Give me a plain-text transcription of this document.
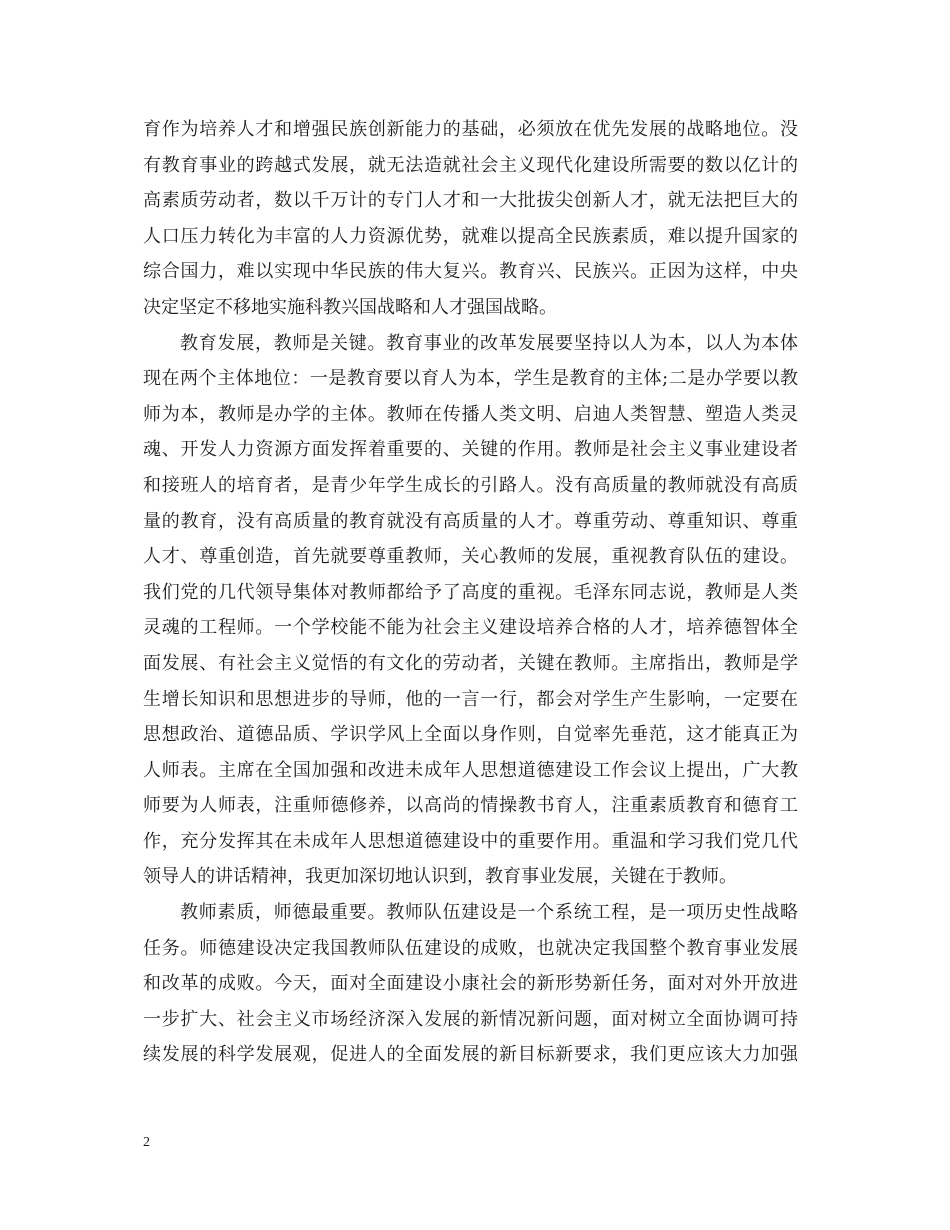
育作为培养人才和增强民族创新能力的基础，必须放在优先发展的战略地位。没
有教育事业的跨越式发展，就无法造就社会主义现代化建设所需要的数以亿计的
高素质劳动者，数以千万计的专门人才和一大批拔尖创新人才，就无法把巨大的
人口压力转化为丰富的人力资源优势，就难以提高全民族素质，难以提升国家的
综合国力，难以实现中华民族的伟大复兴。教育兴、民族兴。正因为这样，中央
决定坚定不移地实施科教兴国战略和人才强国战略。
教育发展，教师是关键。教育事业的改革发展要坚持以人为本，以人为本体
现在两个主体地位：一是教育要以育人为本，学生是教育的主体;二是办学要以教
师为本，教师是办学的主体。教师在传播人类文明、启迪人类智慧、塑造人类灵
魂、开发人力资源方面发挥着重要的、关键的作用。教师是社会主义事业建设者
和接班人的培育者，是青少年学生成长的引路人。没有高质量的教师就没有高质
量的教育，没有高质量的教育就没有高质量的人才。尊重劳动、尊重知识、尊重
人才、尊重创造，首先就要尊重教师，关心教师的发展，重视教育队伍的建设。
我们党的几代领导集体对教师都给予了高度的重视。毛泽东同志说，教师是人类
灵魂的工程师。一个学校能不能为社会主义建设培养合格的人才，培养德智体全
面发展、有社会主义觉悟的有文化的劳动者，关键在教师。主席指出，教师是学
生增长知识和思想进步的导师，他的一言一行，都会对学生产生影响，一定要在
思想政治、道德品质、学识学风上全面以身作则，自觉率先垂范，这才能真正为
人师表。主席在全国加强和改进未成年人思想道德建设工作会议上提出，广大教
师要为人师表，注重师德修养，以高尚的情操教书育人，注重素质教育和德育工
作，充分发挥其在未成年人思想道德建设中的重要作用。重温和学习我们党几代
领导人的讲话精神，我更加深切地认识到，教育事业发展，关键在于教师。
教师素质，师德最重要。教师队伍建设是一个系统工程，是一项历史性战略
任务。师德建设决定我国教师队伍建设的成败，也就决定我国整个教育事业发展
和改革的成败。今天，面对全面建设小康社会的新形势新任务，面对对外开放进
一步扩大、社会主义市场经济深入发展的新情况新问题，面对树立全面协调可持
续发展的科学发展观，促进人的全面发展的新目标新要求，我们更应该大力加强
2
